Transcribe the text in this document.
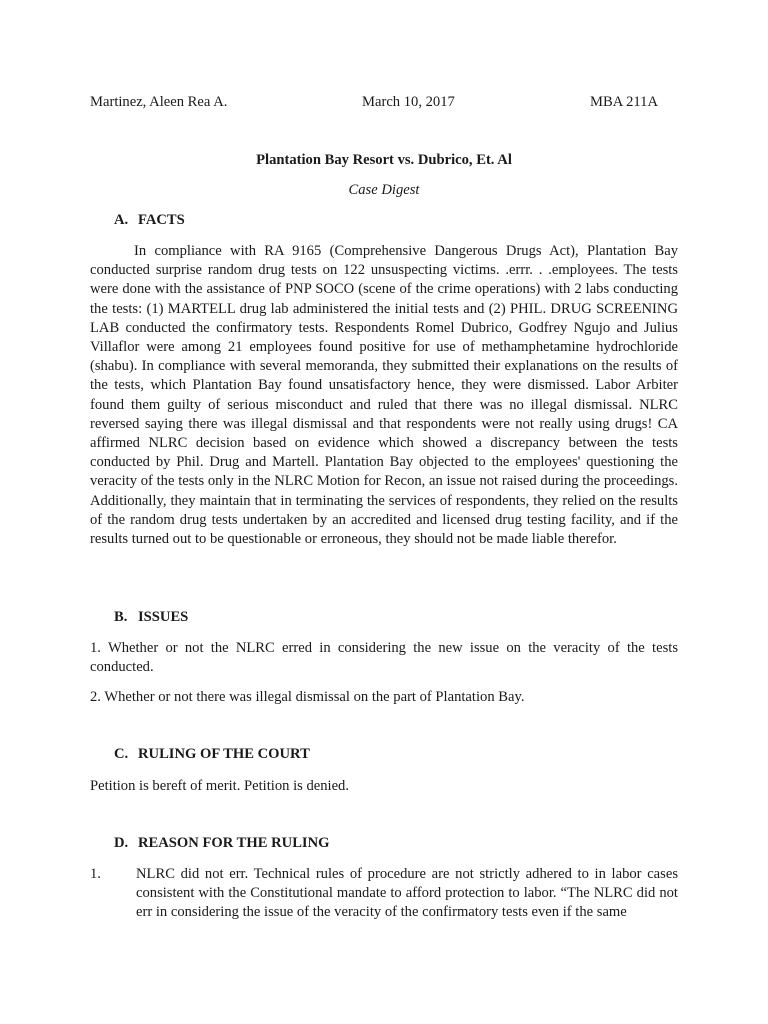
Martinez, Aleen Rea A.	March 10, 2017	MBA 211A
Plantation Bay Resort vs. Dubrico, Et. Al
Case Digest
A. FACTS

In compliance with RA 9165 (Comprehensive Dangerous Drugs Act), Plantation Bay conducted surprise random drug tests on 122 unsuspecting victims. .errr. . .employees. The tests were done with the assistance of PNP SOCO (scene of the crime operations) with 2 labs conducting the tests: (1) MARTELL drug lab administered the initial tests and (2) PHIL. DRUG SCREENING LAB conducted the confirmatory tests. Respondents Romel Dubrico, Godfrey Ngujo and Julius Villaflor were among 21 employees found positive for use of methamphetamine hydrochloride (shabu). In compliance with several memoranda, they submitted their explanations on the results of the tests, which Plantation Bay found unsatisfactory hence, they were dismissed. Labor Arbiter found them guilty of serious misconduct and ruled that there was no illegal dismissal. NLRC reversed saying there was illegal dismissal and that respondents were not really using drugs! CA affirmed NLRC decision based on evidence which showed a discrepancy between the tests conducted by Phil. Drug and Martell. Plantation Bay objected to the employees' questioning the veracity of the tests only in the NLRC Motion for Recon, an issue not raised during the proceedings. Additionally, they maintain that in terminating the services of respondents, they relied on the results of the random drug tests undertaken by an accredited and licensed drug testing facility, and if the results turned out to be questionable or erroneous, they should not be made liable therefor.

B. ISSUES

1. Whether or not the NLRC erred in considering the new issue on the veracity of the tests conducted.

2. Whether or not there was illegal dismissal on the part of Plantation Bay.

C. RULING OF THE COURT

Petition is bereft of merit. Petition is denied.

D. REASON FOR THE RULING
1. NLRC did not err. Technical rules of procedure are not strictly adhered to in labor cases consistent with the Constitutional mandate to afford protection to labor. “The NLRC did not err in considering the issue of the veracity of the confirmatory tests even if the same
